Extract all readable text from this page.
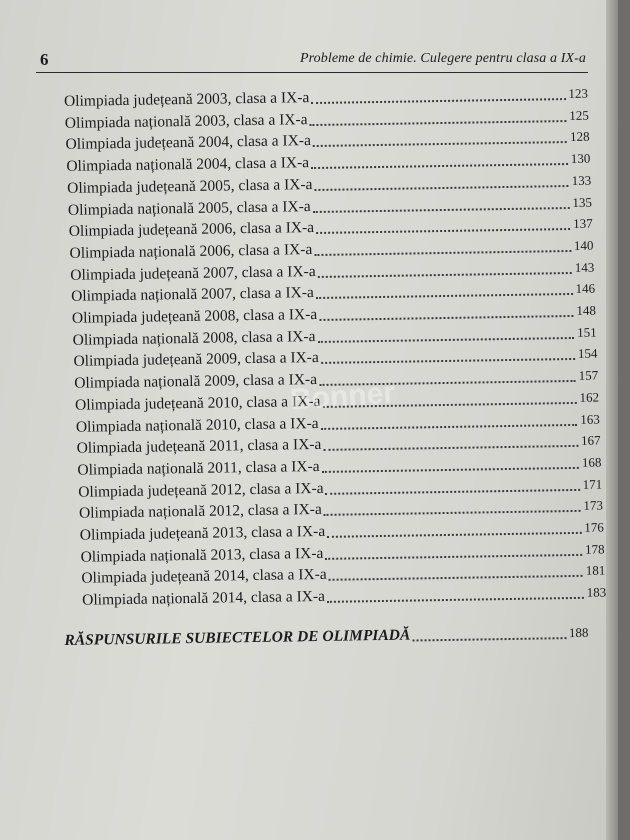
6	Probleme de chimie. Culegere pentru clasa a IX-a
Olimpiada județeană 2003, clasa a IX-a	123
Olimpiada națională 2003, clasa a IX-a	125
Olimpiada județeană 2004, clasa a IX-a	128
Olimpiada națională 2004, clasa a IX-a	130
Olimpiada județeană 2005, clasa a IX-a	133
Olimpiada națională 2005, clasa a IX-a	135
Olimpiada județeană 2006, clasa a IX-a	137
Olimpiada națională 2006, clasa a IX-a	140
Olimpiada județeană 2007, clasa a IX-a	143
Olimpiada națională 2007, clasa a IX-a	146
Olimpiada județeană 2008, clasa a IX-a	148
Olimpiada națională 2008, clasa a IX-a	151
Olimpiada județeană 2009, clasa a IX-a	154
Olimpiada națională 2009, clasa a IX-a	157
Olimpiada județeană 2010, clasa a IX-a	162
Olimpiada națională 2010, clasa a IX-a	163
Olimpiada județeană 2011, clasa a IX-a	167
Olimpiada națională 2011, clasa a IX-a	168
Olimpiada județeană 2012, clasa a IX-a	171
Olimpiada națională 2012, clasa a IX-a	173
Olimpiada județeană 2013, clasa a IX-a	176
Olimpiada națională 2013, clasa a IX-a	178
Olimpiada județeană 2014, clasa a IX-a	181
Olimpiada națională 2014, clasa a IX-a	183
RĂSPUNSURILE SUBIECTELOR DE OLIMPIADĂ	188
Bonner
